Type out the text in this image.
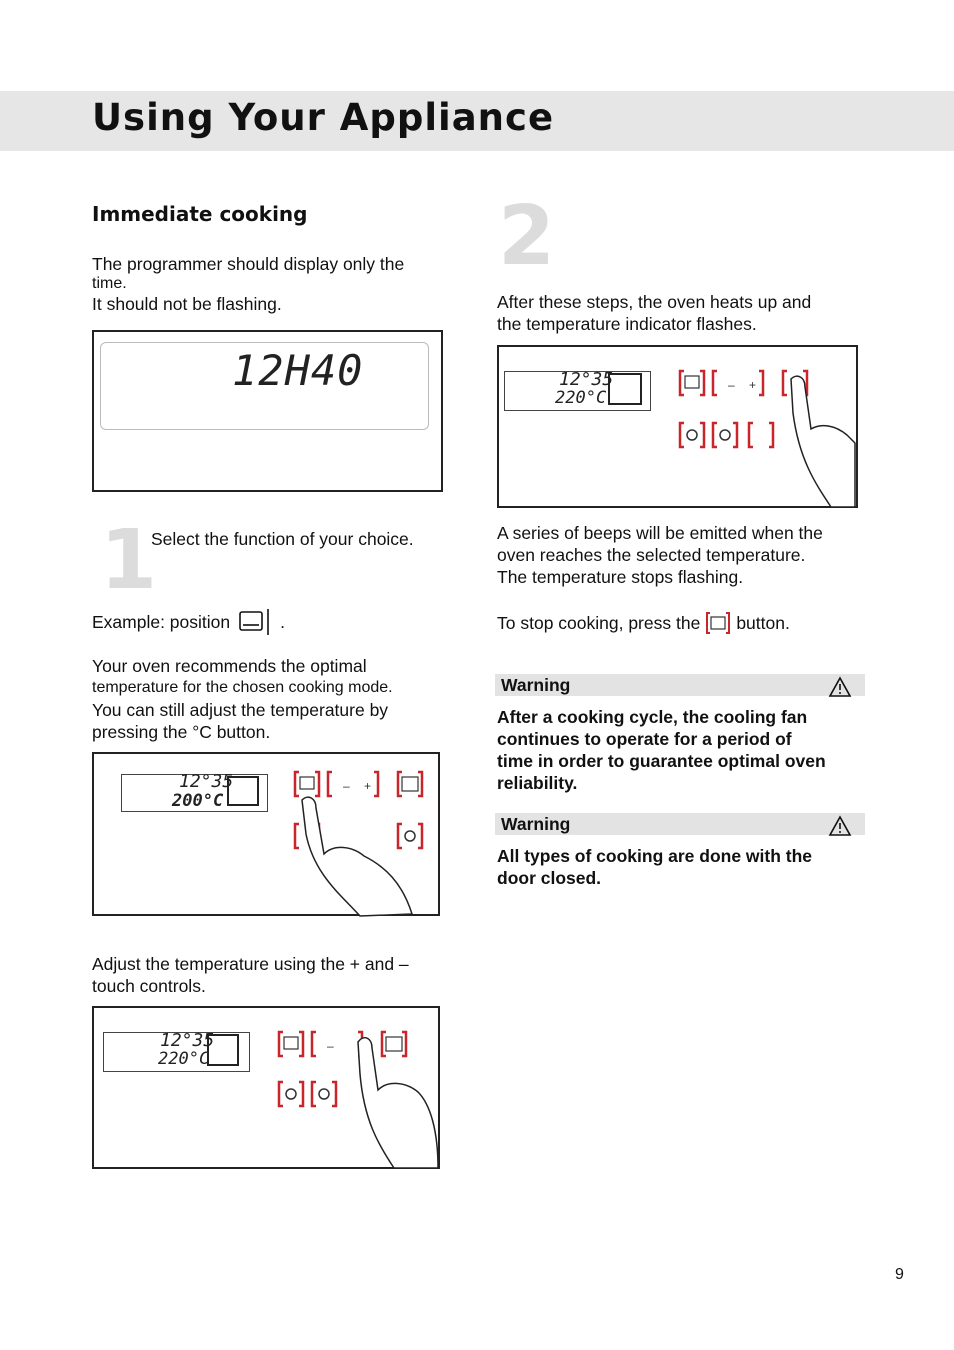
Using Your Appliance
Immediate cooking
The programmer should display only the
time.
It should not be flashing.
12H40
1
Select the function of your choice.
Example: position	.
Your oven recommends the optimal
temperature for the chosen cooking mode.
You can still adjust the temperature by
pressing the °C button.
12°35
200°C
– +
Adjust the temperature using the + and –
touch controls.
12°35
220°C
–
2
After these steps, the oven heats up and
the temperature indicator flashes.
12°35
220°C
– +
A series of beeps will be emitted when the
oven reaches the selected temperature.
The temperature stops flashing.
To stop cooking, press the button.
Warning
After a cooking cycle, the cooling fan
continues to operate for a period of
time in order to guarantee optimal oven
reliability.
Warning
All types of cooking are done with the
door closed.
9
